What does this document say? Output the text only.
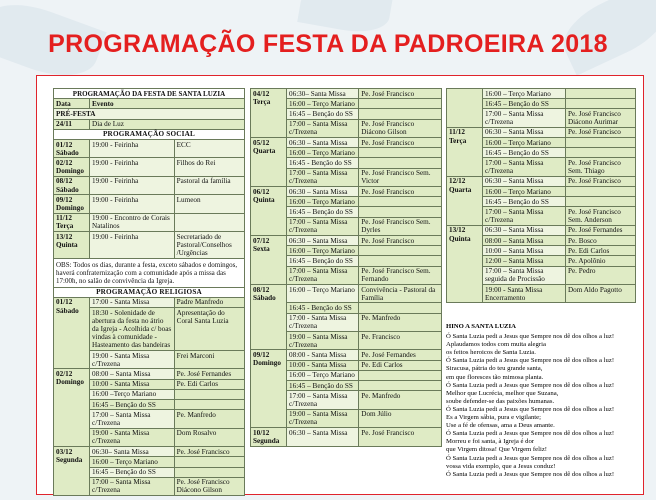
PROGRAMAÇÃO FESTA DA PADROEIRA 2018
PROGRAMAÇÃO DA FESTA DE SANTA LUZIA		
Data	Evento	
PRÉ-FESTA		
24/11	Dia de Luz	
PROGRAMAÇÃO SOCIAL		
01/12 Sábado	19:00 - Feirinha	ECC
02/12 Domingo	19:00 - Feirinha	Filhos do Rei
08/12 Sábado	19:00 - Feirinha	Pastoral da família
09/12 Domingo	19:00 - Feirinha	Lumeon
11/12 Terça	19:00 - Encontro de Corais Natalinos	
13/12 Quinta	19:00 - Feirinha	Secretariado de Pastoral/Conselhos /Urgências
OBS: Todos os dias, durante a festa, exceto sábados e domingos, haverá confraternização com a comunidade após a missa das 17:00h, no salão de convivência da Igreja.		
PROGRAMAÇÃO RELIGIOSA		
01/12 Sábado	17:00 - Santa Missa	Padre Manfredo
	18:30 - Solenidade de abertura da festa no átrio da Igreja - Acolhida c/ boas vindas à comunidade - Hasteamento das bandeiras	Apresentação do Coral Santa Luzia
	19:00 - Santa Missa c/Trezena	Frei Marconi
02/12 Domingo	08:00 – Santa Missa	Pe. José Fernandes
	10:00 - Santa Missa	Pe. Edi Carlos
	16:00 –Terço Mariano	
	16:45 – Benção do SS	
	17:00 – Santa Missa c/Trezena	Pe. Manfredo
	19:00 - Santa Missa c/Trezena	Dom Rosalvo
03/12 Segunda	06:30– Santa Missa	Pe. José Francisco
	16:00 – Terço Mariano	
	16:45 – Benção do SS	
	17:00 – Santa Missa c/Trezena	Pe. José Francisco Diácono Gilson
04/12 Terça	06:30– Santa Missa	Pe. José Francisco
	16:00 – Terço Mariano	
	16:45 – Benção do SS	
	17:00 – Santa Missa c/Trezena	Pe. José Francisco Diácono Gilson
05/12 Quarta	06:30 – Santa Missa	Pe. José Francisco
	16:00 – Terço Mariano	
	16:45 - Benção do SS	
	17:00 – Santa Missa c/Trezena	Pe. José Francisco Sem. Victor
06/12 Quinta	06:30 – Santa Missa	Pe. José Francisco
	16:00 – Terço Mariano	
	16:45 – Benção do SS	
	17:00 – Santa Missa c/Trezena	Pe. José Francisco Sem. Dyrles
07/12 Sexta	06:30 – Santa Missa	Pe. José Francisco
	16:00 – Terço Mariano	
	16:45 – Benção do SS	
	17:00 – Santa Missa c/Trezena	Pe. José Francisco Sem. Fernando
08/12 Sábado	16:00 – Terço Mariano	Convivência - Pastoral da Família
	16:45 - Benção do SS	
	17:00 - Santa Missa c/Trezena	Pe. Manfredo
	19:00 – Santa Missa c/Trezena	Pe. Francisco
09/12 Domingo	08:00 - Santa Missa	Pe. José Fernandes
	10:00 - Santa Missa	Pe. Edi Carlos
	16:00 – Terço Mariano	
	16:45 – Benção do SS	
	17:00 – Santa Missa c/Trezena	Pe. Manfredo
	19:00 – Santa Missa c/Trezena	Dom Júlio
10/12 Segunda	06:30 – Santa Missa	Pe. José Francisco
	16:00 – Terço Mariano	
	16:45 – Benção do SS	
	17:00 – Santa Missa c/Trezena	Pe. José Francisco Diácono Aurimar
11/12 Terça	06:30 – Santa Missa	Pe. José Francisco
	16:00 – Terço Mariano	
	16:45 – Benção do SS	
	17:00 – Santa Missa c/Trezena	Pe. José Francisco Sem. Thiago
12/12 Quarta	06:30 – Santa Missa	Pe. José Francisco
	16:00 – Terço Mariano	
	16:45 – Benção do SS	
	17:00 – Santa Missa c/Trezena	Pe. José Francisco Sem. Anderson
13/12 Quinta	06:30 – Santa Missa	Pe. José Fernandes
	08:00 – Santa Missa	Pe. Bosco
	10:00 – Santa Missa	Pe. Edi Carlos
	12:00 – Santa Missa	Pe. Apolônio
	17:00 – Santa Missa seguida de Procissão	Pe. Pedro
	19:00 - Santa Missa Encerramento	Dom Aldo Pagotto
HINO A SANTA LUZIA
Ó Santa Luzia pedi a Jesus que Sempre nos dê dos olhos a luz!
Aplaudamos todos com muita alegria
os feitos heroicos de Santa Luzia.
Ó Santa Luzia pedi a Jesus que Sempre nos dê dos olhos a luz!
Siracusa, pátria do teu grande santa,
em que floresces tão mimosa planta.
Ó Santa Luzia pedi a Jesus que Sempre nos dê dos olhos a luz!
Melhor que Lucrécia, melhor que Suzana,
soube defender-se das paixões humanas.
Ó Santa Luzia pedi a Jesus que Sempre nos dê dos olhos a luz!
Es a Virgem sábia, pura e vigilante;
Use a fé de ofensas, ama a Deus amante.
Ó Santa Luzia pedi a Jesus que Sempre nos dê dos olhos a luz!
Morreu e foi santa, à Igreja é dor
que Virgem ditosa! Que Virgem feliz!
Ó Santa Luzia pedi a Jesus que Sempre nos dê dos olhos a luz!
vossa vida exemplo, que a Jesus conduz!
Ó Santa Luzia pedi a Jesus que Sempre nos dê dos olhos a luz!
